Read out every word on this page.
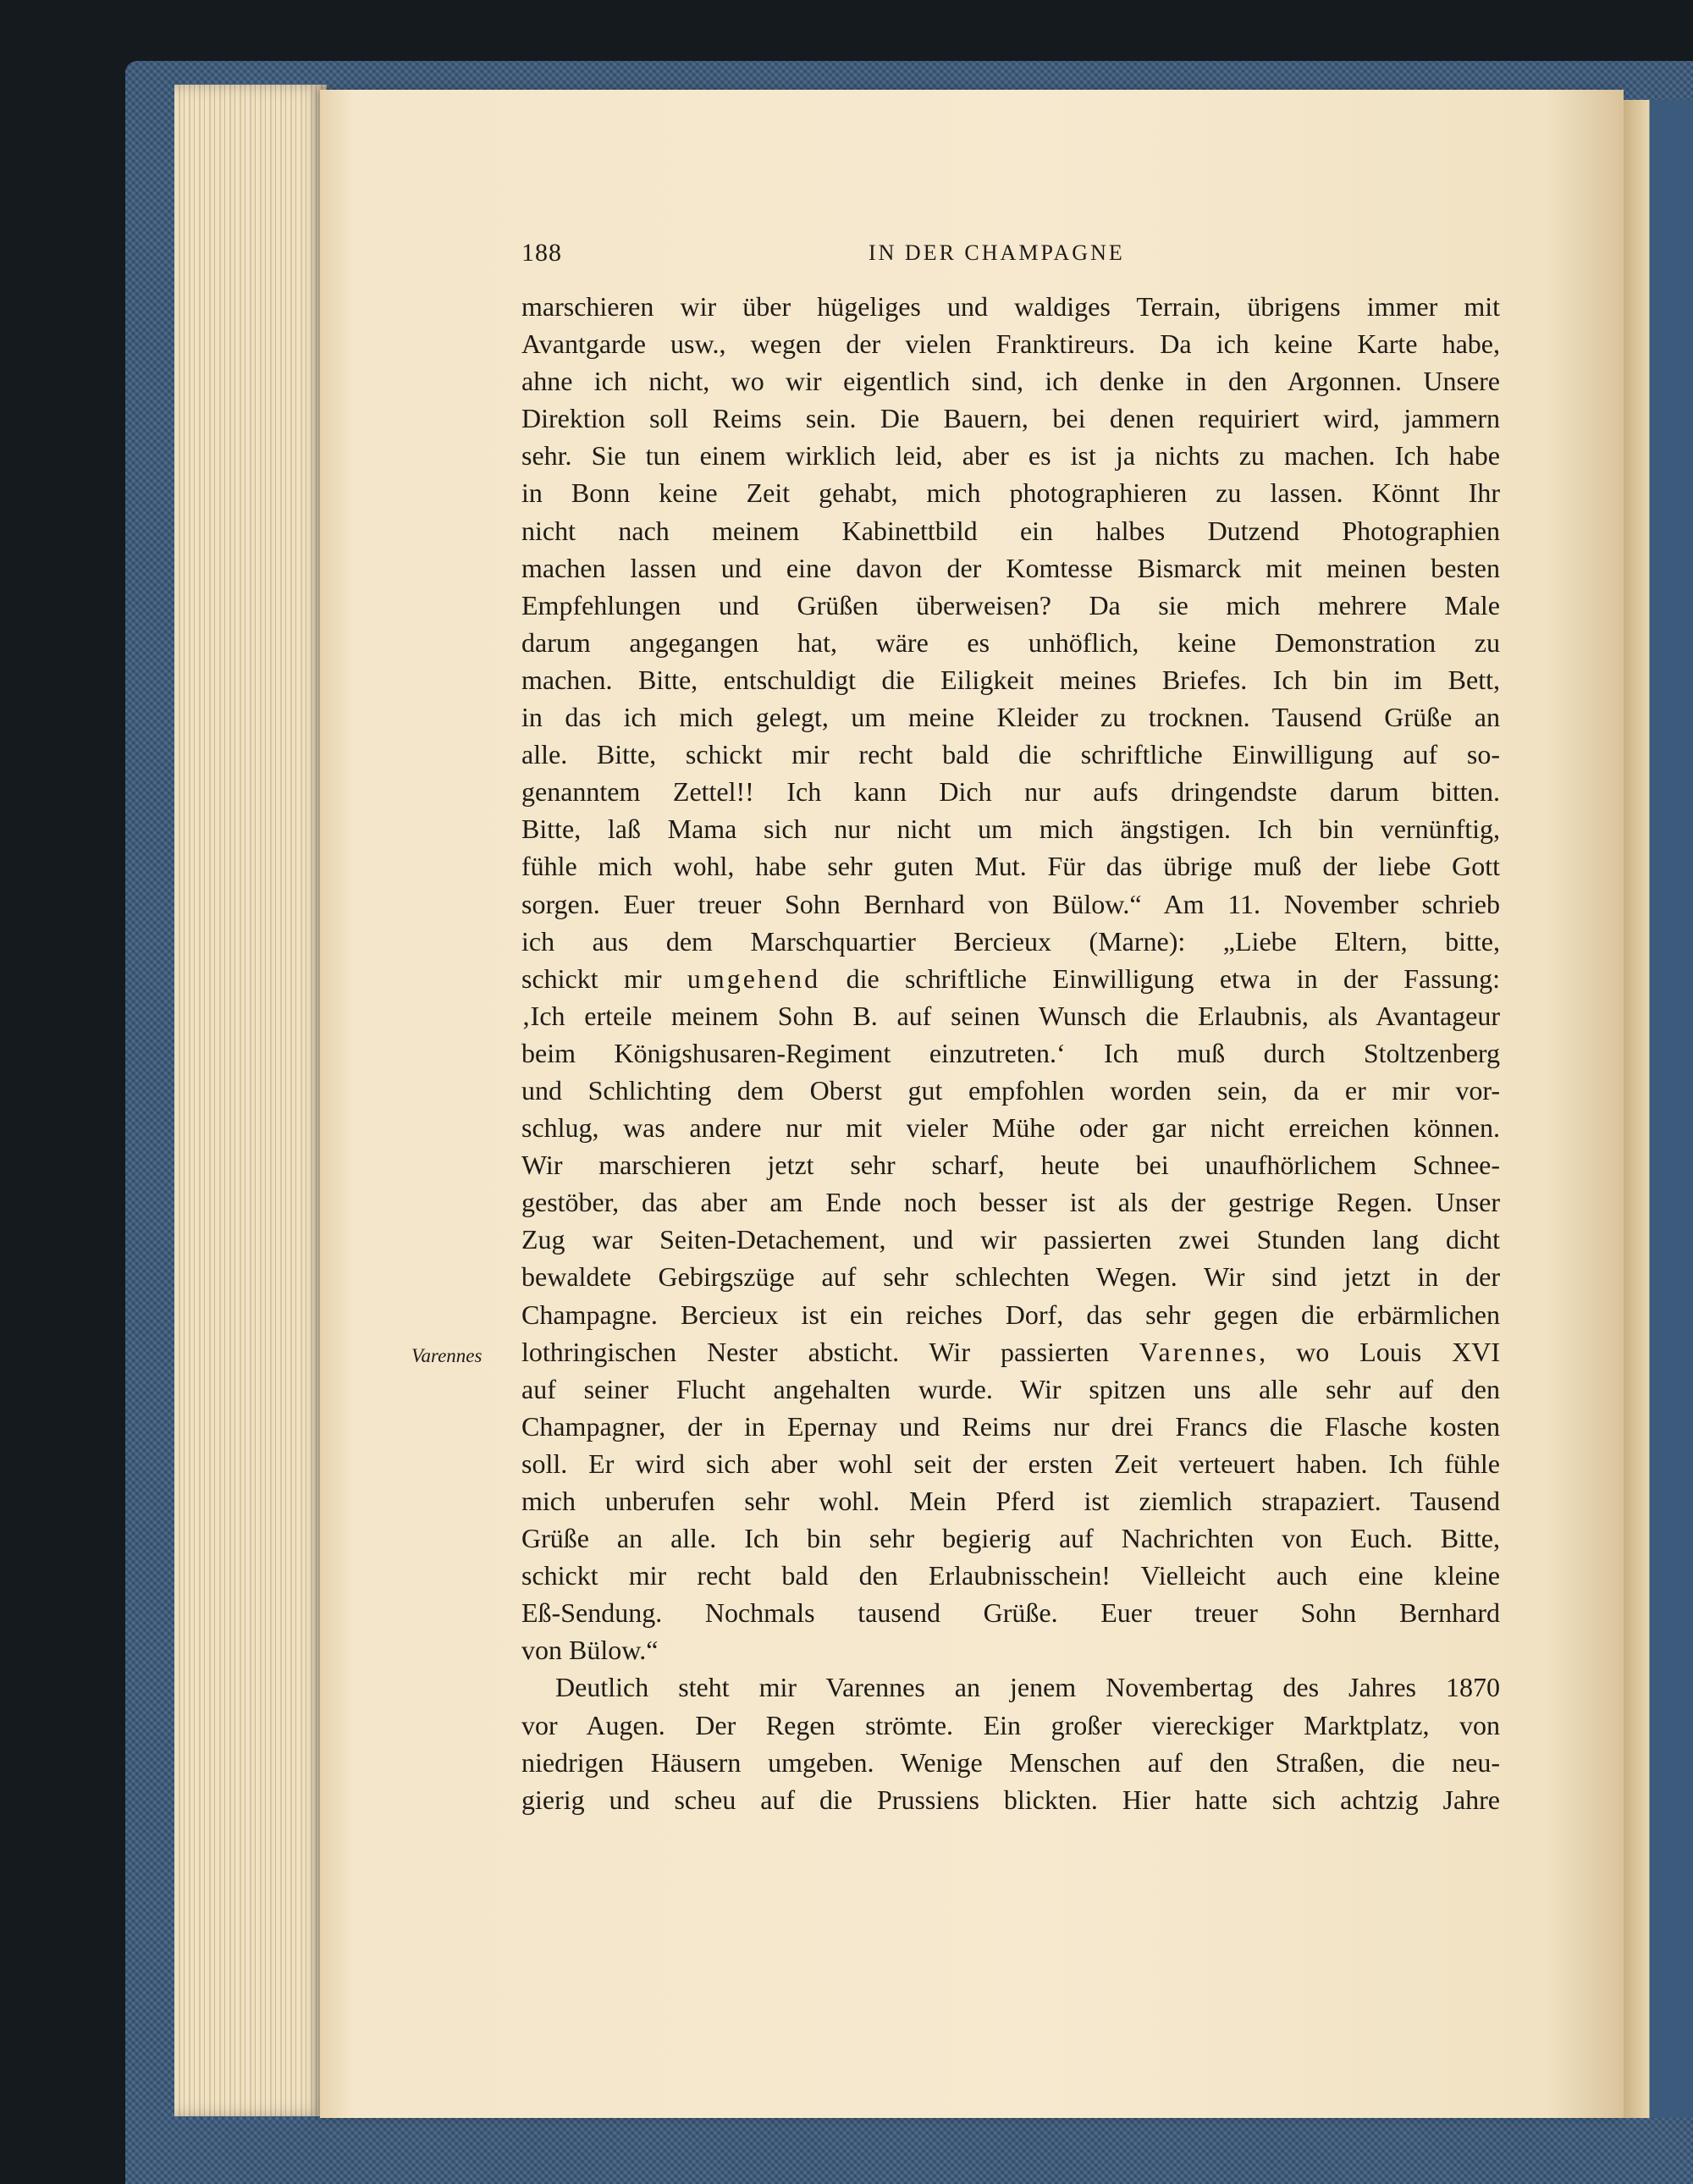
188	IN DER CHAMPAGNE
Varennes
marschieren wir über hügeliges und waldiges Terrain, übrigens immer mit
Avantgarde usw., wegen der vielen Franktireurs. Da ich keine Karte habe,
ahne ich nicht, wo wir eigentlich sind, ich denke in den Argonnen. Unsere
Direktion soll Reims sein. Die Bauern, bei denen requiriert wird, jammern
sehr. Sie tun einem wirklich leid, aber es ist ja nichts zu machen. Ich habe
in Bonn keine Zeit gehabt, mich photographieren zu lassen. Könnt Ihr
nicht nach meinem Kabinettbild ein halbes Dutzend Photographien
machen lassen und eine davon der Komtesse Bismarck mit meinen besten
Empfehlungen und Grüßen überweisen? Da sie mich mehrere Male
darum angegangen hat, wäre es unhöflich, keine Demonstration zu
machen. Bitte, entschuldigt die Eiligkeit meines Briefes. Ich bin im Bett,
in das ich mich gelegt, um meine Kleider zu trocknen. Tausend Grüße an
alle. Bitte, schickt mir recht bald die schriftliche Einwilligung auf so-
genanntem Zettel!! Ich kann Dich nur aufs dringendste darum bitten.
Bitte, laß Mama sich nur nicht um mich ängstigen. Ich bin vernünftig,
fühle mich wohl, habe sehr guten Mut. Für das übrige muß der liebe Gott
sorgen. Euer treuer Sohn Bernhard von Bülow.“ Am 11. November schrieb
ich aus dem Marschquartier Bercieux (Marne): „Liebe Eltern, bitte,
schickt mir umgehend die schriftliche Einwilligung etwa in der Fassung:
‚Ich erteile meinem Sohn B. auf seinen Wunsch die Erlaubnis, als Avantageur
beim Königshusaren-Regiment einzutreten.‘ Ich muß durch Stoltzenberg
und Schlichting dem Oberst gut empfohlen worden sein, da er mir vor-
schlug, was andere nur mit vieler Mühe oder gar nicht erreichen können.
Wir marschieren jetzt sehr scharf, heute bei unaufhörlichem Schnee-
gestöber, das aber am Ende noch besser ist als der gestrige Regen. Unser
Zug war Seiten-Detachement, und wir passierten zwei Stunden lang dicht
bewaldete Gebirgszüge auf sehr schlechten Wegen. Wir sind jetzt in der
Champagne. Bercieux ist ein reiches Dorf, das sehr gegen die erbärmlichen
lothringischen Nester absticht. Wir passierten Varennes, wo Louis XVI
auf seiner Flucht angehalten wurde. Wir spitzen uns alle sehr auf den
Champagner, der in Epernay und Reims nur drei Francs die Flasche kosten
soll. Er wird sich aber wohl seit der ersten Zeit verteuert haben. Ich fühle
mich unberufen sehr wohl. Mein Pferd ist ziemlich strapaziert. Tausend
Grüße an alle. Ich bin sehr begierig auf Nachrichten von Euch. Bitte,
schickt mir recht bald den Erlaubnisschein! Vielleicht auch eine kleine
Eß-Sendung. Nochmals tausend Grüße. Euer treuer Sohn Bernhard
von Bülow.“
Deutlich steht mir Varennes an jenem Novembertag des Jahres 1870
vor Augen. Der Regen strömte. Ein großer viereckiger Marktplatz, von
niedrigen Häusern umgeben. Wenige Menschen auf den Straßen, die neu-
gierig und scheu auf die Prussiens blickten. Hier hatte sich achtzig Jahre
